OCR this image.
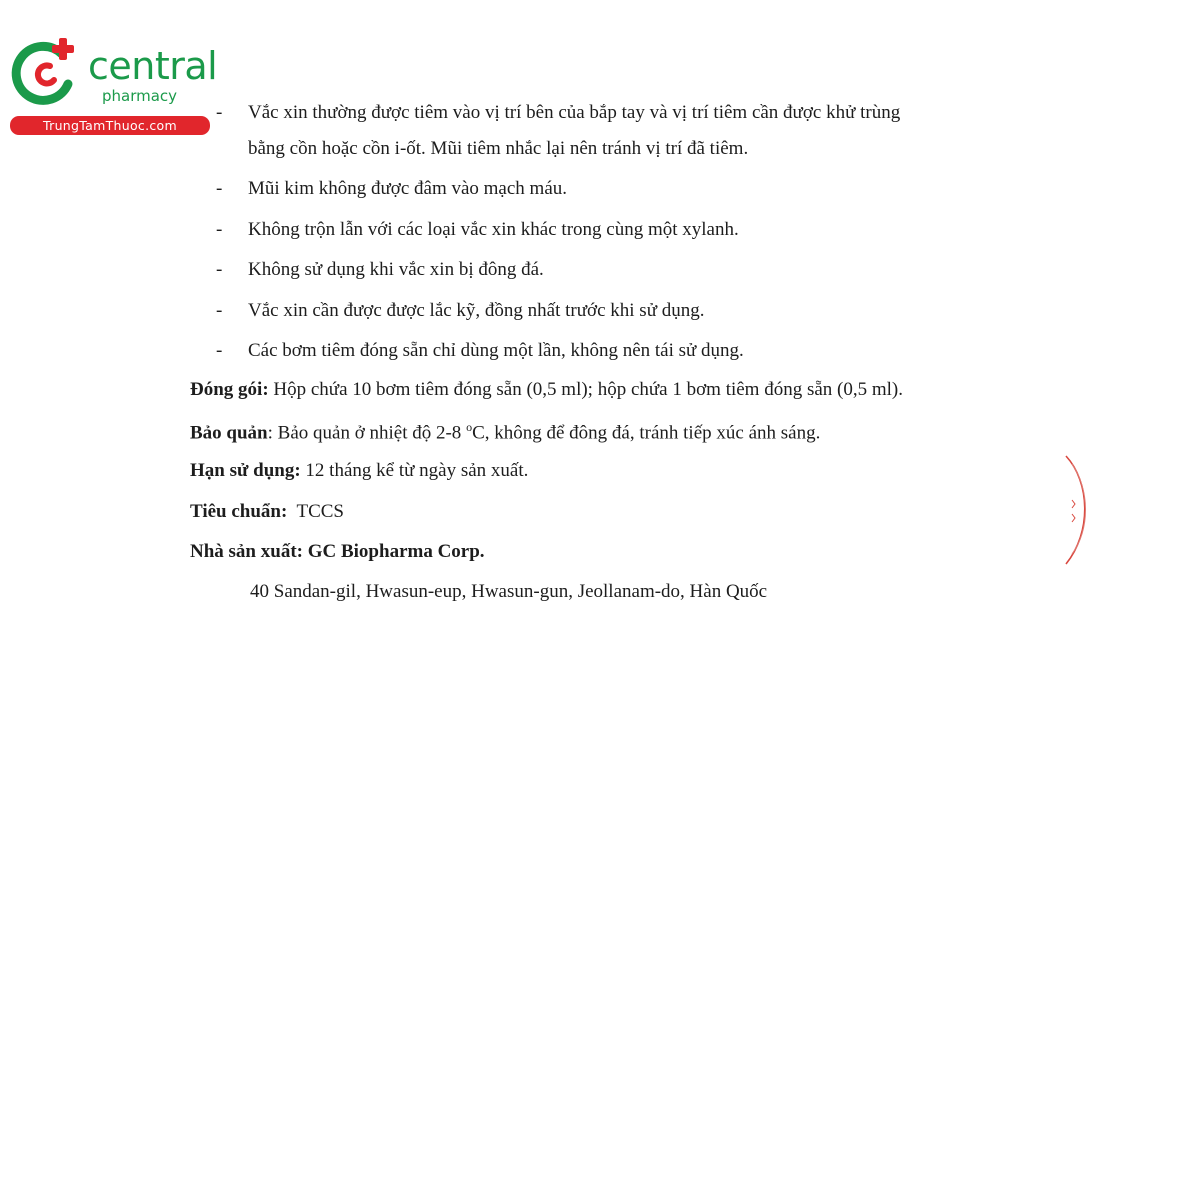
central
pharmacy
TrungTamThuoc.com
- Vắc xin thường được tiêm vào vị trí bên của bắp tay và vị trí tiêm cần được khử trùng
bằng cồn hoặc cồn i-ốt. Mũi tiêm nhắc lại nên tránh vị trí đã tiêm.
- Mũi kim không được đâm vào mạch máu.
- Không trộn lẫn với các loại vắc xin khác trong cùng một xylanh.
- Không sử dụng khi vắc xin bị đông đá.
- Vắc xin cần được được lắc kỹ, đồng nhất trước khi sử dụng.
- Các bơm tiêm đóng sẵn chỉ dùng một lần, không nên tái sử dụng.
Đóng gói: Hộp chứa 10 bơm tiêm đóng sẵn (0,5 ml); hộp chứa 1 bơm tiêm đóng sẵn (0,5 ml).
Bảo quản: Bảo quản ở nhiệt độ 2-8 $^o$C, không để đông đá, tránh tiếp xúc ánh sáng.
Hạn sử dụng: 12 tháng kể từ ngày sản xuất.
Tiêu chuẩn:  TCCS
Nhà sản xuất: GC Biopharma Corp.
40 Sandan-gil, Hwasun-eup, Hwasun-gun, Jeollanam-do, Hàn Quốc
